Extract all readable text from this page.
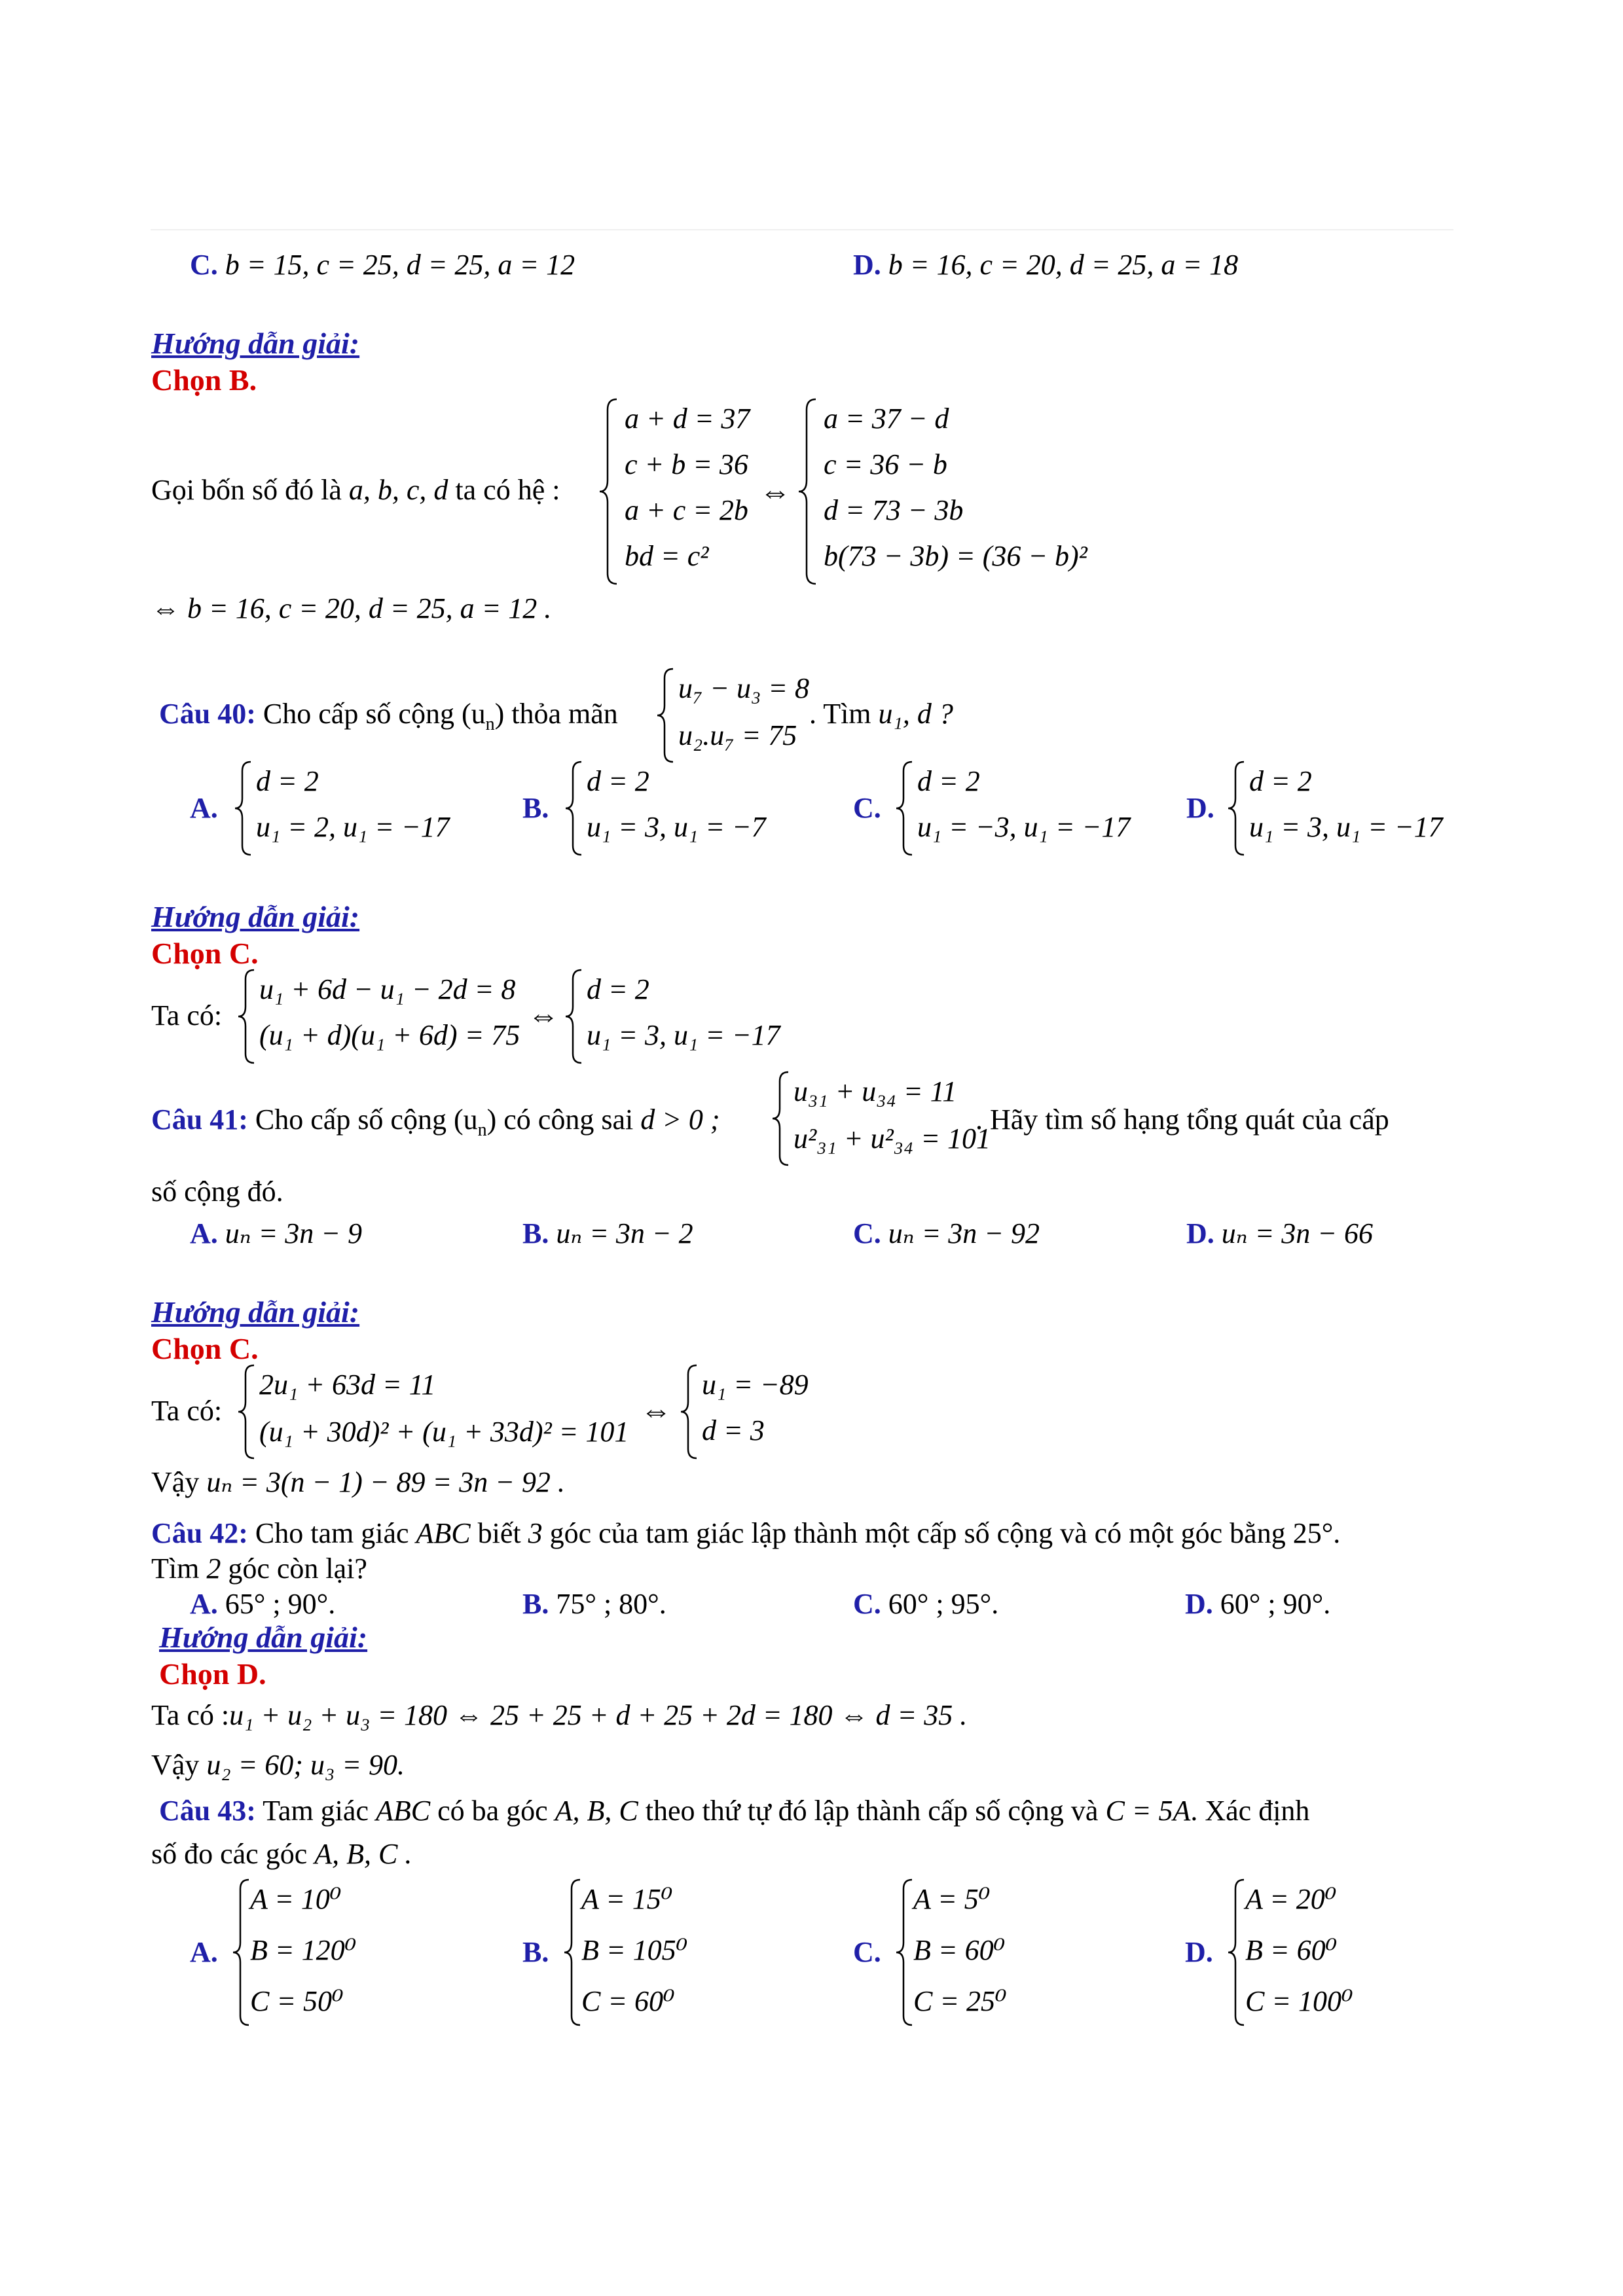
C. b = 15, c = 25, d = 25, a = 12	D. b = 16, c = 20, d = 25, a = 18
Hướng dẫn giải:
Chọn B.
Gọi bốn số đó là a, b, c, d ta có hệ :
a + d = 37
c + b = 36
a + c = 2b
bd = c²
⇔
a = 37 − d
c = 36 − b
d = 73 − 3b
b(73 − 3b) = (36 − b)²
⇔ b = 16, c = 20, d = 25, a = 12 .
Câu 40: Cho cấp số cộng $(u_n)$ thỏa mãn
u₇ − u₃ = 8
u₂.u₇ = 75
. Tìm u₁, d ?
A.
d = 2
u₁ = 2, u₁ = −17
B.
d = 2
u₁ = 3, u₁ = −7
C.
d = 2
u₁ = −3, u₁ = −17
D.
d = 2
u₁ = 3, u₁ = −17
Hướng dẫn giải:
Chọn C.
Ta có:
u₁ + 6d − u₁ − 2d = 8
(u₁ + d)(u₁ + 6d) = 75
⇔
d = 2
u₁ = 3, u₁ = −17
Câu 41: Cho cấp số cộng $(u_n)$ có công sai d > 0 ;
u₃₁ + u₃₄ = 11
u²₃₁ + u²₃₄ = 101
. Hãy tìm số hạng tổng quát của cấp
số cộng đó.
A. uₙ = 3n − 9	B. uₙ = 3n − 2	C. uₙ = 3n − 92	D. uₙ = 3n − 66
Hướng dẫn giải:
Chọn C.
Ta có:
2u₁ + 63d = 11
(u₁ + 30d)² + (u₁ + 33d)² = 101
⇔
u₁ = −89
d = 3
Vậy uₙ = 3(n − 1) − 89 = 3n − 92 .
Câu 42: Cho tam giác ABC biết 3 góc của tam giác lập thành một cấp số cộng và có một góc bằng 25°.
Tìm 2 góc còn lại?
A. 65° ; 90°.	B. 75° ; 80°.	C. 60° ; 95°.	D. 60° ; 90°.
Hướng dẫn giải:
Chọn D.
Ta có :u₁ + u₂ + u₃ = 180 ⇔ 25 + 25 + d + 25 + 2d = 180 ⇔ d = 35 .
Vậy u₂ = 60; u₃ = 90.
Câu 43: Tam giác ABC có ba góc A, B, C theo thứ tự đó lập thành cấp số cộng và C = 5A. Xác định
số đo các góc A, B, C .
A.
A = 10⁰
B = 120⁰
C = 50⁰
B.
A = 15⁰
B = 105⁰
C = 60⁰
C.
A = 5⁰
B = 60⁰
C = 25⁰
D.
A = 20⁰
B = 60⁰
C = 100⁰
